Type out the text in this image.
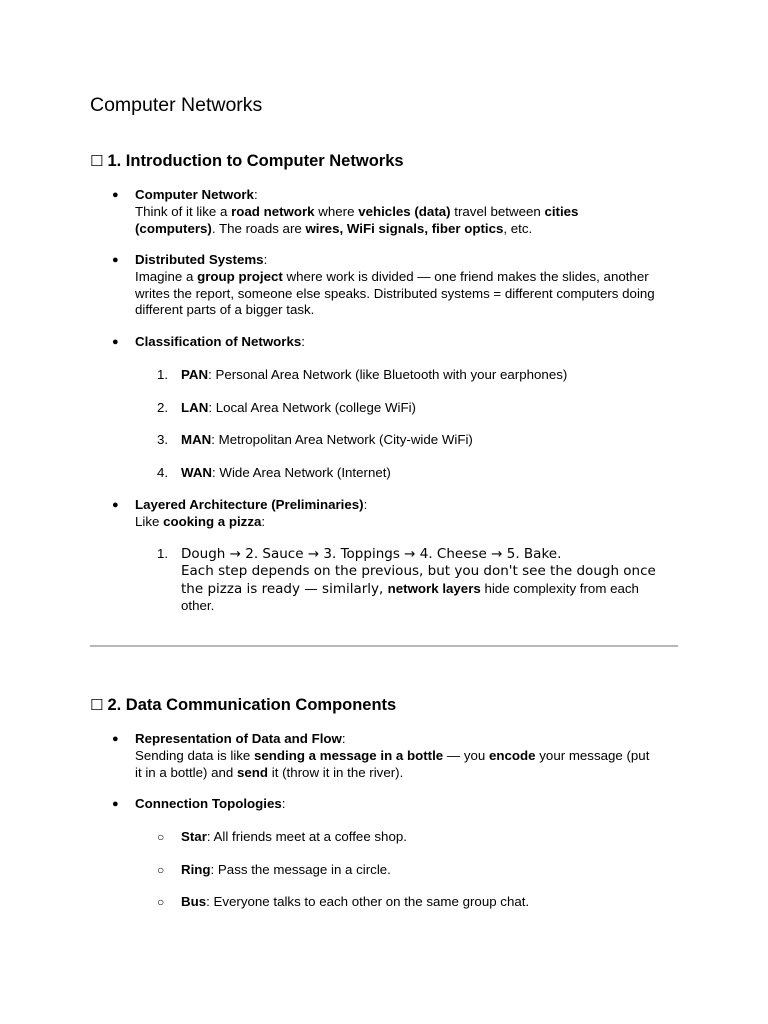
Computer Networks
☐ 1. Introduction to Computer Networks
● Computer Network:
Think of it like a road network where vehicles (data) travel between cities
(computers). The roads are wires, WiFi signals, fiber optics, etc.
● Distributed Systems:
Imagine a group project where work is divided — one friend makes the slides, another
writes the report, someone else speaks. Distributed systems = different computers doing
different parts of a bigger task.
● Classification of Networks:
1. PAN: Personal Area Network (like Bluetooth with your earphones)
2. LAN: Local Area Network (college WiFi)
3. MAN: Metropolitan Area Network (City-wide WiFi)
4. WAN: Wide Area Network (Internet)
● Layered Architecture (Preliminaries):
Like cooking a pizza:
1. Dough → 2. Sauce → 3. Toppings → 4. Cheese → 5. Bake.
Each step depends on the previous, but you don't see the dough once
the pizza is ready — similarly, network layers hide complexity from each
other.
☐ 2. Data Communication Components
● Representation of Data and Flow:
Sending data is like sending a message in a bottle — you encode your message (put
it in a bottle) and send it (throw it in the river).
● Connection Topologies:
○ Star: All friends meet at a coffee shop.
○ Ring: Pass the message in a circle.
○ Bus: Everyone talks to each other on the same group chat.
